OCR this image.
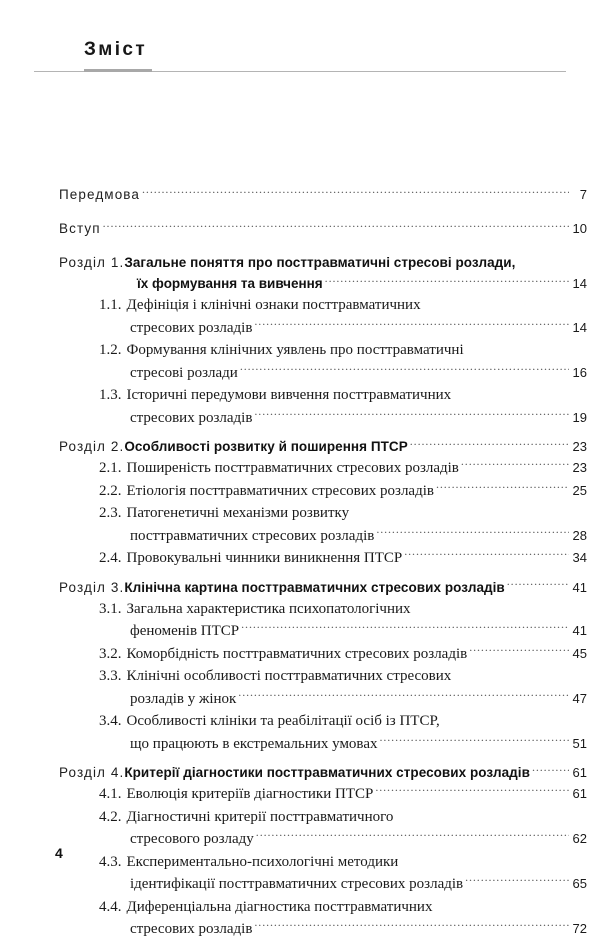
Зміст
Передмова .....	7
Вступ .....	10
Розділ 1. Загальне поняття про посттравматичні стресові розлади,
їх формування та вивчення .....	14
1.1. Дефініція і клінічні ознаки посттравматичних
стресових розладів .....	14
1.2. Формування клінічних уявлень про посттравматичні
стресові розлади .....	16
1.3. Історичні передумови вивчення посттравматичних
стресових розладів .....	19
Розділ 2. Особливості розвитку й поширення ПТСР .....	23
2.1. Поширеність посттравматичних стресових розладів .....	23
2.2. Етіологія посттравматичних стресових розладів .....	25
2.3. Патогенетичні механізми розвитку
посттравматичних стресових розладів .....	28
2.4. Провокувальні чинники виникнення ПТСР .....	34
Розділ 3. Клінічна картина посттравматичних стресових розладів .....	41
3.1. Загальна характеристика психопатологічних
феноменів ПТСР .....	41
3.2. Коморбідність посттравматичних стресових розладів .....	45
3.3. Клінічні особливості посттравматичних стресових
розладів у жінок .....	47
3.4. Особливості клініки та реабілітації осіб із ПТСР,
що працюють в екстремальних умовах .....	51
Розділ 4. Критерії діагностики посттравматичних стресових розладів .....	61
4.1. Еволюція критеріїв діагностики ПТСР .....	61
4.2. Діагностичні критерії посттравматичного
стресового розладу .....	62
4.3. Експериментально-психологічні методики
ідентифікації посттравматичних стресових розладів .....	65
4.4. Диференціальна діагностика посттравматичних
стресових розладів .....	72
4
